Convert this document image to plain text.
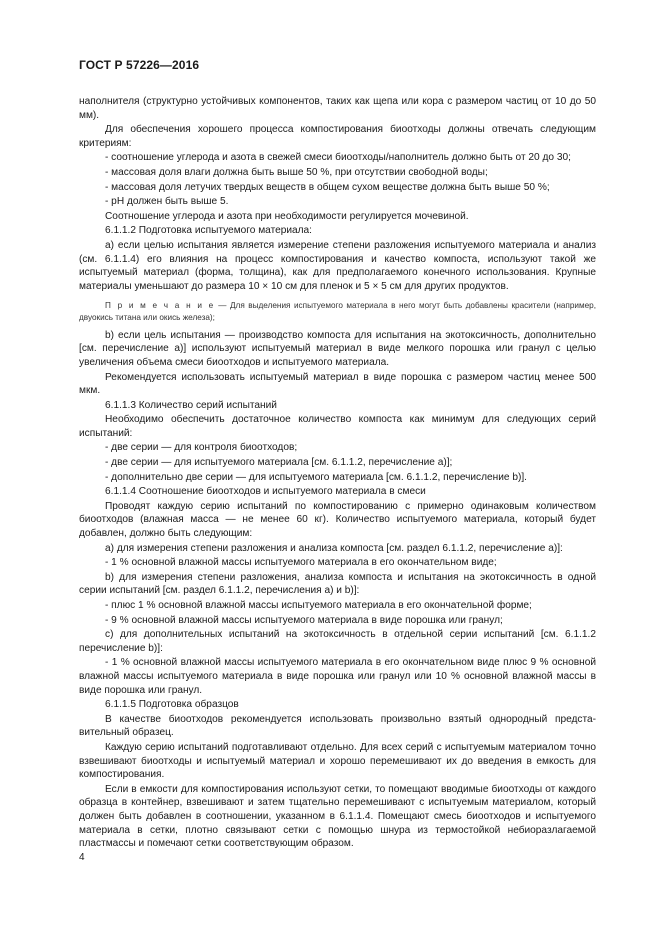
ГОСТ Р 57226—2016

наполнителя (структурно устойчивых компонентов, таких как щепа или кора с размером частиц от 10 до 50 мм).

Для обеспечения хорошего процесса компостирования биоотходы должны отвечать следующим критериям:

- соотношение углерода и азота в свежей смеси биоотходы/наполнитель должно быть от 20 до 30;

- массовая доля влаги должна быть выше 50 %, при отсутствии свободной воды;

- массовая доля летучих твердых веществ в общем сухом веществе должна быть выше 50 %;

- рН должен быть выше 5.

Соотношение углерода и азота при необходимости регулируется мочевиной.

6.1.1.2 Подготовка испытуемого материала:

а) если целью испытания является измерение степени разложения испытуемого материала и анализ (см. 6.1.1.4) его влияния на процесс компостирования и качество компоста, используют такой же испытуемый материал (форма, толщина), как для предполагаемого конечного использования. Крупные материалы уменьшают до размера 10 × 10 см для пленок и 5 × 5 см для других продуктов.

П р и м е ч а н и е — Для выделения испытуемого материала в него могут быть добавлены красители (например, двуокись титана или окись железа);

b) если цель испытания — производство компоста для испытания на экотоксичность, дополнительно [см. перечисление а)] используют испытуемый материал в виде мелкого порошка или гранул с целью увеличения объема смеси биоотходов и испытуемого материала.

Рекомендуется использовать испытуемый материал в виде порошка с размером частиц менее 500 мкм.

6.1.1.3 Количество серий испытаний

Необходимо обеспечить достаточное количество компоста как минимум для следующих серий испытаний:

- две серии — для контроля биоотходов;

- две серии — для испытуемого материала [см. 6.1.1.2, перечисление а)];

- дополнительно две серии — для испытуемого материала [см. 6.1.1.2, перечисление b)].

6.1.1.4 Соотношение биоотходов и испытуемого материала в смеси

Проводят каждую серию испытаний по компостированию с примерно одинаковым количеством биоотходов (влажная масса — не менее 60 кг). Количество испытуемого материала, который будет добавлен, должно быть следующим:

а) для измерения степени разложения и анализа компоста [см. раздел 6.1.1.2, перечисление а)]:

- 1 % основной влажной массы испытуемого материала в его окончательном виде;

b) для измерения степени разложения, анализа компоста и испытания на экотоксичность в одной серии испытаний [см. раздел 6.1.1.2, перечисления а) и b)]:

- плюс 1 % основной влажной массы испытуемого материала в его окончательной форме;

- 9 % основной влажной массы испытуемого материала в виде порошка или гранул;

с) для дополнительных испытаний на экотоксичность в отдельной серии испытаний [см. 6.1.1.2 перечисление b)]:

- 1 % основной влажной массы испытуемого материала в его окончательном виде плюс 9 % основной влажной массы испытуемого материала в виде порошка или гранул или 10 % основной влажной массы в виде порошка или гранул.

6.1.1.5 Подготовка образцов

В качестве биоотходов рекомендуется использовать произвольно взятый однородный представительный образец.

Каждую серию испытаний подготавливают отдельно. Для всех серий с испытуемым материалом точно взвешивают биоотходы и испытуемый материал и хорошо перемешивают их до введения в емкость для компостирования.

Если в емкости для компостирования используют сетки, то помещают вводимые биоотходы от каждого образца в контейнер, взвешивают и затем тщательно перемешивают с испытуемым материалом, который должен быть добавлен в соотношении, указанном в 6.1.1.4. Помещают смесь биоотходов и испытуемого материала в сетки, плотно связывают сетки с помощью шнура из термостойкой небиоразлагаемой пластмассы и помечают сетки соответствующим образом.

4
